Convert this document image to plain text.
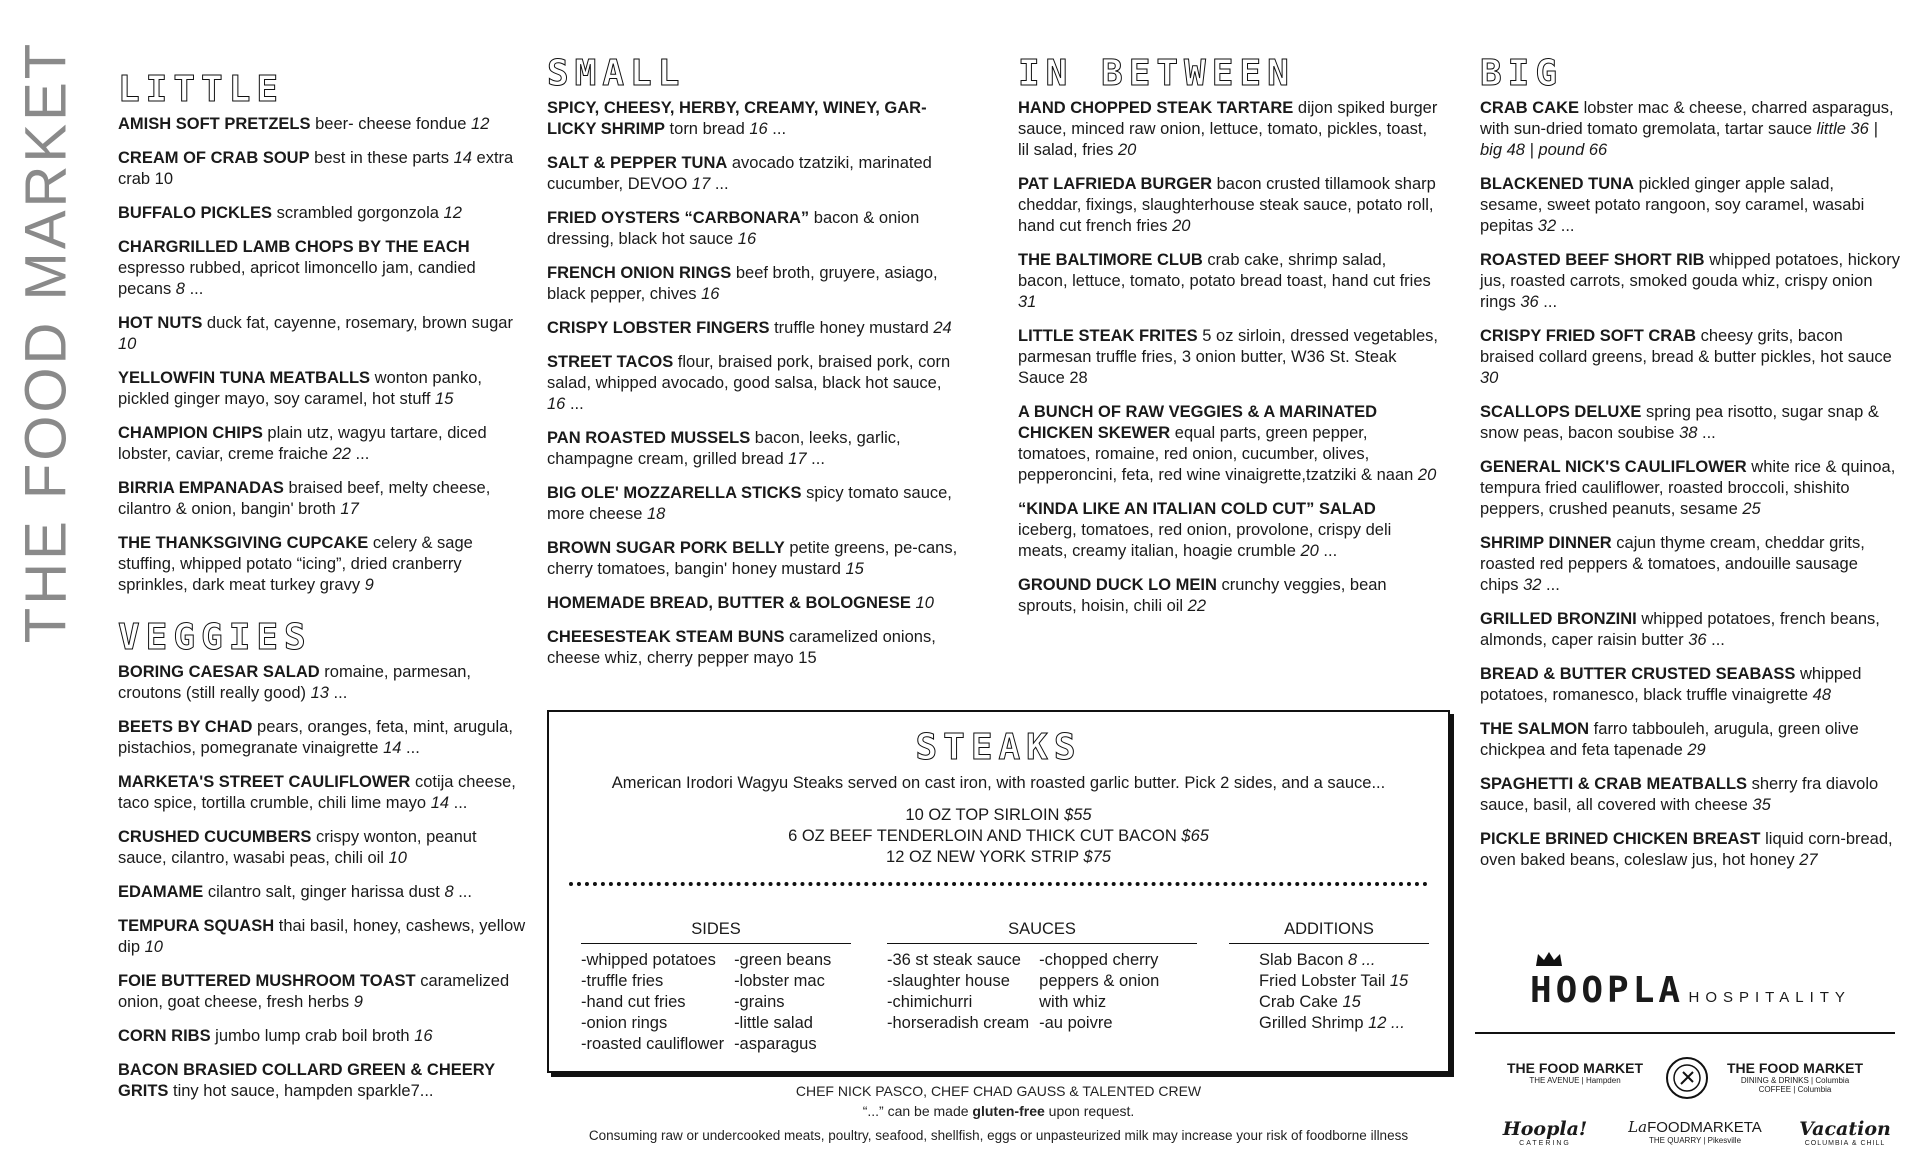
THE FOOD MARKET LITTLE
AMISH SOFT PRETZELS beer- cheese fondue 12
CREAM OF CRAB SOUP best in these parts 14 extra crab 10
BUFFALO PICKLES scrambled gorgonzola 12
CHARGRILLED LAMB CHOPS BY THE EACH espresso rubbed, apricot limoncello jam, candied pecans 8 ...
HOT NUTS duck fat, cayenne, rosemary, brown sugar 10
YELLOWFIN TUNA MEATBALLS wonton panko, pickled ginger mayo, soy caramel, hot stuff 15
CHAMPION CHIPS plain utz, wagyu tartare, diced lobster, caviar, creme fraiche 22 ...
BIRRIA EMPANADAS braised beef, melty cheese, cilantro & onion, bangin' broth 17
THE THANKSGIVING CUPCAKE celery & sage stuffing, whipped potato “icing”, dried cranberry sprinkles, dark meat turkey gravy 9
VEGGIES
BORING CAESAR SALAD romaine, parmesan, croutons (still really good) 13 ...
BEETS BY CHAD pears, oranges, feta, mint, arugula, pistachios, pomegranate vinaigrette 14 ...
MARKETA'S STREET CAULIFLOWER cotija cheese, taco spice, tortilla crumble, chili lime mayo 14 ...
CRUSHED CUCUMBERS crispy wonton, peanut sauce, cilantro, wasabi peas, chili oil 10
EDAMAME cilantro salt, ginger harissa dust 8 ...
TEMPURA SQUASH thai basil, honey, cashews, yellow dip 10
FOIE BUTTERED MUSHROOM TOAST caramelized onion, goat cheese, fresh herbs 9
CORN RIBS jumbo lump crab boil broth 16
BACON BRASIED COLLARD GREEN & CHEERY GRITS tiny hot sauce, hampden sparkle7...
SMALL
SPICY, CHEESY, HERBY, CREAMY, WINEY, GAR-LICKY SHRIMP torn bread 16 ...
SALT & PEPPER TUNA avocado tzatziki, marinated cucumber, DEVOO 17 ...
FRIED OYSTERS “CARBONARA” bacon & onion dressing, black hot sauce 16
FRENCH ONION RINGS beef broth, gruyere, asiago, black pepper, chives 16
CRISPY LOBSTER FINGERS truffle honey mustard 24
STREET TACOS flour, braised pork, braised pork, corn salad, whipped avocado, good salsa, black hot sauce, 16 ...
PAN ROASTED MUSSELS bacon, leeks, garlic, champagne cream, grilled bread 17 ...
BIG OLE' MOZZARELLA STICKS spicy tomato sauce, more cheese 18
BROWN SUGAR PORK BELLY petite greens, pe-cans, cherry tomatoes, bangin' honey mustard 15
HOMEMADE BREAD, BUTTER & BOLOGNESE 10
CHEESESTEAK STEAM BUNS caramelized onions, cheese whiz, cherry pepper mayo 15
IN BETWEEN
HAND CHOPPED STEAK TARTARE dijon spiked burger sauce, minced raw onion, lettuce, tomato, pickles, toast, lil salad, fries 20
PAT LAFRIEDA BURGER bacon crusted tillamook sharp cheddar, fixings, slaughterhouse steak sauce, potato roll, hand cut french fries 20
THE BALTIMORE CLUB crab cake, shrimp salad, bacon, lettuce, tomato, potato bread toast, hand cut fries 31
LITTLE STEAK FRITES 5 oz sirloin, dressed vegetables, parmesan truffle fries, 3 onion butter, W36 St. Steak Sauce 28
A BUNCH OF RAW VEGGIES & A MARINATED CHICKEN SKEWER equal parts, green pepper, tomatoes, romaine, red onion, cucumber, olives, pepperoncini, feta, red wine vinaigrette,tzatziki & naan 20
“KINDA LIKE AN ITALIAN COLD CUT” SALAD iceberg, tomatoes, red onion, provolone, crispy deli meats, creamy italian, hoagie crumble 20 ...
GROUND DUCK LO MEIN crunchy veggies, bean sprouts, hoisin, chili oil 22
BIG
CRAB CAKE lobster mac & cheese, charred asparagus, with sun-dried tomato gremolata, tartar sauce little 36 | big 48 | pound 66
BLACKENED TUNA pickled ginger apple salad, sesame, sweet potato rangoon, soy caramel, wasabi pepitas 32 ...
ROASTED BEEF SHORT RIB whipped potatoes, hickory jus, roasted carrots, smoked gouda whiz, crispy onion rings 36 ...
CRISPY FRIED SOFT CRAB cheesy grits, bacon braised collard greens, bread & butter pickles, hot sauce 30
SCALLOPS DELUXE spring pea risotto, sugar snap & snow peas, bacon soubise 38 ...
GENERAL NICK'S CAULIFLOWER white rice & quinoa, tempura fried cauliflower, roasted broccoli, shishito peppers, crushed peanuts, sesame 25
SHRIMP DINNER cajun thyme cream, cheddar grits, roasted red peppers & tomatoes, andouille sausage chips 32 ...
GRILLED BRONZINI whipped potatoes, french beans, almonds, caper raisin butter 36 ...
BREAD & BUTTER CRUSTED SEABASS whipped potatoes, romanesco, black truffle vinaigrette 48
THE SALMON farro tabbouleh, arugula, green olive chickpea and feta tapenade 29
SPAGHETTI & CRAB MEATBALLS sherry fra diavolo sauce, basil, all covered with cheese 35
PICKLE BRINED CHICKEN BREAST liquid corn-bread, oven baked beans, coleslaw jus, hot honey 27
STEAKS
American Irodori Wagyu Steaks served on cast iron, with roasted garlic butter. Pick 2 sides, and a sauce...
10 OZ TOP SIRLOIN $55
6 OZ BEEF TENDERLOIN AND THICK CUT BACON $65
12 OZ NEW YORK STRIP $75
SIDES
-whipped potatoes
-truffle fries
-hand cut fries
-onion rings
-roasted cauliflower
-green beans
-lobster mac
-grains
-little salad
-asparagus
SAUCES
-36 st steak sauce
-slaughter house
-chimichurri
-horseradish cream
-chopped cherry
peppers & onion
with whiz
-au poivre
ADDITIONS
Slab Bacon 8 ...
Fried Lobster Tail 15
Crab Cake 15
Grilled Shrimp 12 ...
CHEF NICK PASCO, CHEF CHAD GAUSS & TALENTED CREW
“...” can be made gluten-free upon request.
Consuming raw or undercooked meats, poultry, seafood, shellfish, eggs or unpasteurized milk may increase your risk of foodborne illness
HOOPLA HOSPITALITY
THE FOOD MARKET
THE AVENUE | Hampden
THE FOOD MARKET
DINING & DRINKS | Columbia
COFFEE | Columbia
Hoopla!
CATERING
LaFOODMARKETA
THE QUARRY | Pikesville
Vacation
COLUMBIA & CHILL
